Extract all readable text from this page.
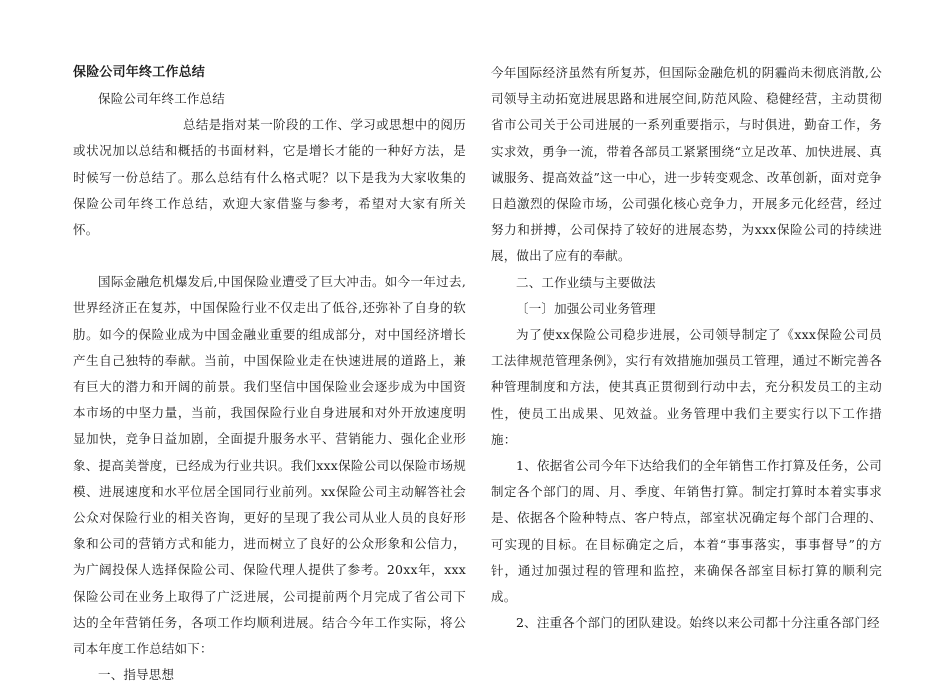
保险公司年终工作总结

保险公司年终工作总结

总结是指对某一阶段的工作、学习或思想中的阅历或状况加以总结和概括的书面材料，它是增长才能的一种好方法，是时候写一份总结了。那么总结有什么格式呢？以下是我为大家收集的保险公司年终工作总结，欢迎大家借鉴与参考，希望对大家有所关怀。

国际金融危机爆发后,中国保险业遭受了巨大冲击。如今一年过去,世界经济正在复苏，中国保险行业不仅走出了低谷,还弥补了自身的软肋。如今的保险业成为中国金融业重要的组成部分，对中国经济增长产生自己独特的奉献。当前，中国保险业走在快速进展的道路上，兼有巨大的潜力和开阔的前景。我们坚信中国保险业会逐步成为中国资本市场的中坚力量，当前，我国保险行业自身进展和对外开放速度明显加快，竞争日益加剧，全面提升服务水平、营销能力、强化企业形象、提高美誉度，已经成为行业共识。我们xxx保险公司以保险市场规模、进展速度和水平位居全国同行业前列。xx保险公司主动解答社会公众对保险行业的相关咨询，更好的呈现了我公司从业人员的良好形象和公司的营销方式和能力，进而树立了良好的公众形象和公信力，为广阔投保人选择保险公司、保险代理人提供了参考。20xx年，xxx保险公司在业务上取得了广泛进展，公司提前两个月完成了省公司下达的全年营销任务，各项工作均顺利进展。结合今年工作实际，将公司本年度工作总结如下：

一、指导思想

今年国际经济虽然有所复苏，但国际金融危机的阴霾尚未彻底消散,公司领导主动拓宽进展思路和进展空间,防范风险、稳健经营，主动贯彻省市公司关于公司进展的一系列重要指示，与时俱进，勤奋工作，务实求效，勇争一流，带着各部员工紧紧围绕“立足改革、加快进展、真诚服务、提高效益”这一中心，进一步转变观念、改革创新，面对竞争日趋激烈的保险市场，公司强化核心竞争力，开展多元化经营，经过努力和拼搏，公司保持了较好的进展态势，为xxx保险公司的持续进展，做出了应有的奉献。

二、工作业绩与主要做法

〔一〕加强公司业务管理

为了使xx保险公司稳步进展，公司领导制定了《xxx保险公司员工法律规范管理条例》，实行有效措施加强员工管理，通过不断完善各种管理制度和方法，使其真正贯彻到行动中去，充分积发员工的主动性，使员工出成果、见效益。业务管理中我们主要实行以下工作措施：

1、依据省公司今年下达给我们的全年销售工作打算及任务，公司制定各个部门的周、月、季度、年销售打算。制定打算时本着实事求是、依据各个险种特点、客户特点，部室状况确定每个部门合理的、可实现的目标。在目标确定之后，本着“事事落实，事事督导”的方针，通过加强过程的管理和监控，来确保各部室目标打算的顺利完成。

2、注重各个部门的团队建设。始终以来公司都十分注重各部门经
